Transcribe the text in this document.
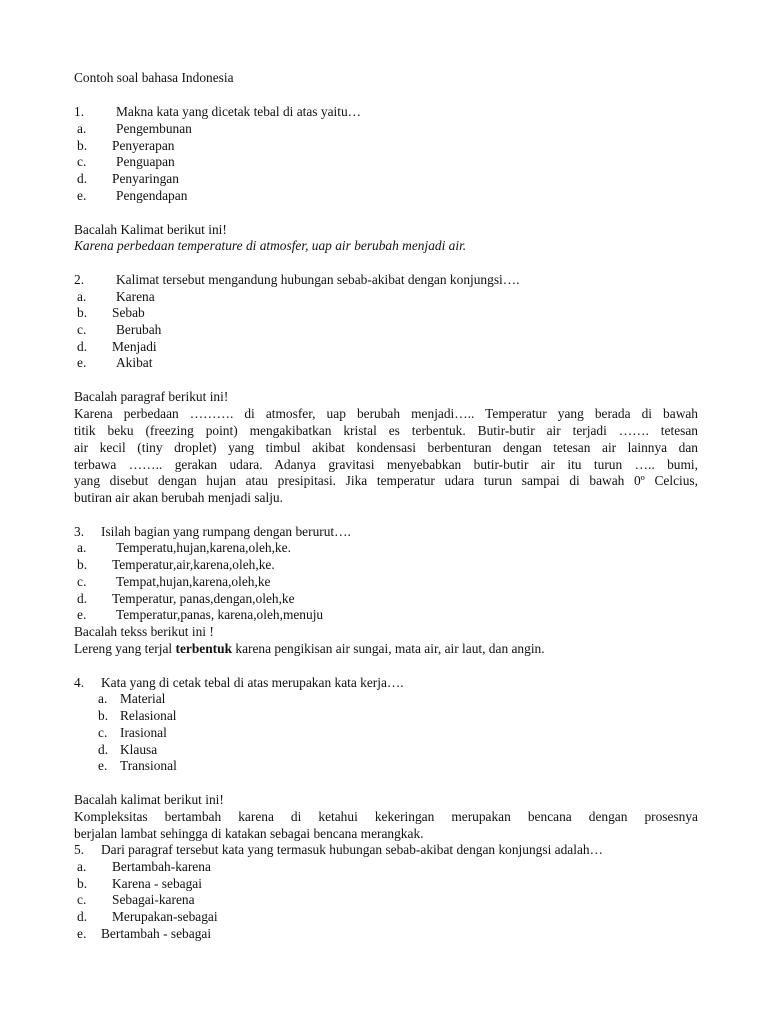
Contoh soal bahasa Indonesia
1. Makna kata yang dicetak tebal di atas yaitu…
a. Pengembunan
b. Penyerapan
c. Penguapan
d. Penyaringan
e. Pengendapan
Bacalah Kalimat berikut ini!
Karena perbedaan temperature di atmosfer, uap air berubah menjadi air.
2. Kalimat tersebut mengandung hubungan sebab-akibat dengan konjungsi….
a. Karena
b. Sebab
c. Berubah
d. Menjadi
e. Akibat
Bacalah paragraf berikut ini!
Karena perbedaan ………. di atmosfer, uap berubah menjadi….. Temperatur yang berada di bawah
titik beku (freezing point) mengakibatkan kristal es terbentuk. Butir-butir air terjadi ……. tetesan
air kecil (tiny droplet) yang timbul akibat kondensasi berbenturan dengan tetesan air lainnya dan
terbawa …….. gerakan udara. Adanya gravitasi menyebabkan butir-butir air itu turun ….. bumi,
yang disebut dengan hujan atau presipitasi. Jika temperatur udara turun sampai di bawah 0º Celcius,
butiran air akan berubah menjadi salju.
3. Isilah bagian yang rumpang dengan berurut….
a. Temperatu,hujan,karena,oleh,ke.
b. Temperatur,air,karena,oleh,ke.
c. Tempat,hujan,karena,oleh,ke
d. Temperatur, panas,dengan,oleh,ke
e. Temperatur,panas, karena,oleh,menuju
Bacalah tekss berikut ini !
Lereng yang terjal terbentuk karena pengikisan air sungai, mata air, air laut, dan angin.
4. Kata yang di cetak tebal di atas merupakan kata kerja….
a. Material
b. Relasional
c. Irasional
d. Klausa
e. Transional
Bacalah kalimat berikut ini!
Kompleksitas bertambah karena di ketahui kekeringan merupakan bencana dengan prosesnya
berjalan lambat sehingga di katakan sebagai bencana merangkak.
5. Dari paragraf tersebut kata yang termasuk hubungan sebab-akibat dengan konjungsi adalah…
a. Bertambah-karena
b. Karena - sebagai
c. Sebagai-karena
d. Merupakan-sebagai
e. Bertambah - sebagai
